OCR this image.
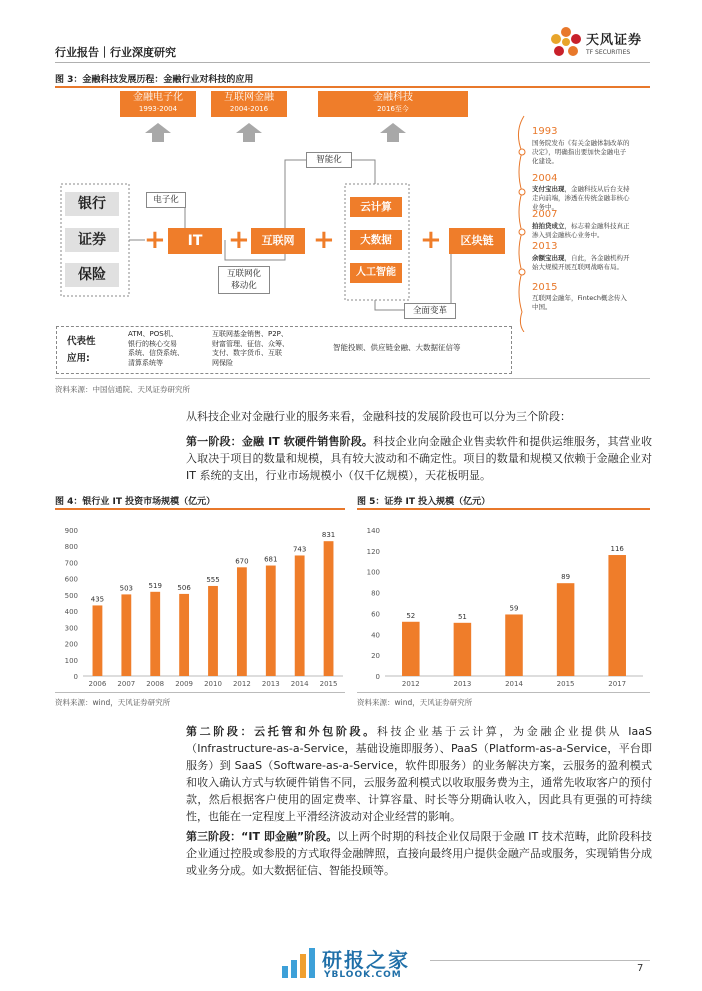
行业报告｜行业深度研究
天风证券
TF SECURITIES
图 3：金融科技发展历程：金融行业对科技的应用
金融电子化
1993-2004
互联网金融
2004-2016
金融科技
2016至今
银行
证券
保险
+	IT +	互联网 +
云计算
大数据
人工智能
+	区块链
电子化
智能化
互联网化
移动化
全面变革
代表性
应用:
ATM、POS机、
银行的核心交易
系统、信贷系统、
清算系统等
互联网基金销售、P2P、
财富管理、征信、众筹、
支付、数字货币、互联
网保险
智能投顾、供应链金融、大数据征信等
1993
国务院发布《有关金融体制改革的决定》，明确指出要加快金融电子化建设。
2004
支付宝出现，金融科技从后台支持走向前端，渗透在传统金融非核心业务中。
2007
拍拍贷成立，标志着金融科技真正渗入到金融核心业务中。
2013
余额宝出现，自此，各金融机构开始大规模开展互联网战略布局。
2015
互联网金融年，Fintech概念传入中国。
资料来源：中国信通院、天风证券研究所
从科技企业对金融行业的服务来看，金融科技的发展阶段也可以分为三个阶段：
第一阶段：金融 IT 软硬件销售阶段。科技企业向金融企业售卖软件和提供运维服务，其营业收入取决于项目的数量和规模，具有较大波动和不确定性。项目的数量和规模又依赖于金融企业对 IT 系统的支出，行业市场规模小（仅千亿规模），天花板明显。
图 4：银行业 IT 投资市场规模（亿元）
0
100
200
300
400
500
600
700
800
900
435
2006
503
2007
519
2008
506
2009
555
2010
670
2012
681
2013
743
2014
831
2015
资料来源：wind，天风证券研究所
图 5：证券 IT 投入规模（亿元）
0
20
40
60
80
100
120
140
52
2012
51
2013
59
2014
89
2015
116
2017
资料来源：wind，天风证券研究所
第二阶段：云托管和外包阶段。科技企业基于云计算，为金融企业提供从 IaaS（Infrastructure-as-a-Service，基础设施即服务）、PaaS（Platform-as-a-Service，平台即服务）到 SaaS（Software-as-a-Service，软件即服务）的业务解决方案，云服务的盈利模式和收入确认方式与软硬件销售不同，云服务盈利模式以收取服务费为主，通常先收取客户的预付款，然后根据客户使用的固定费率、计算容量、时长等分期确认收入，因此具有更强的可持续性，也能在一定程度上平滑经济波动对企业经营的影响。
第三阶段：“IT 即金融”阶段。以上两个时期的科技企业仅局限于金融 IT 技术范畴，此阶段科技企业通过控股或参股的方式取得金融牌照，直接向最终用户提供金融产品或服务，实现销售分成或业务分成。如大数据征信、智能投顾等。
研报之家
YBLOOK.COM
7
